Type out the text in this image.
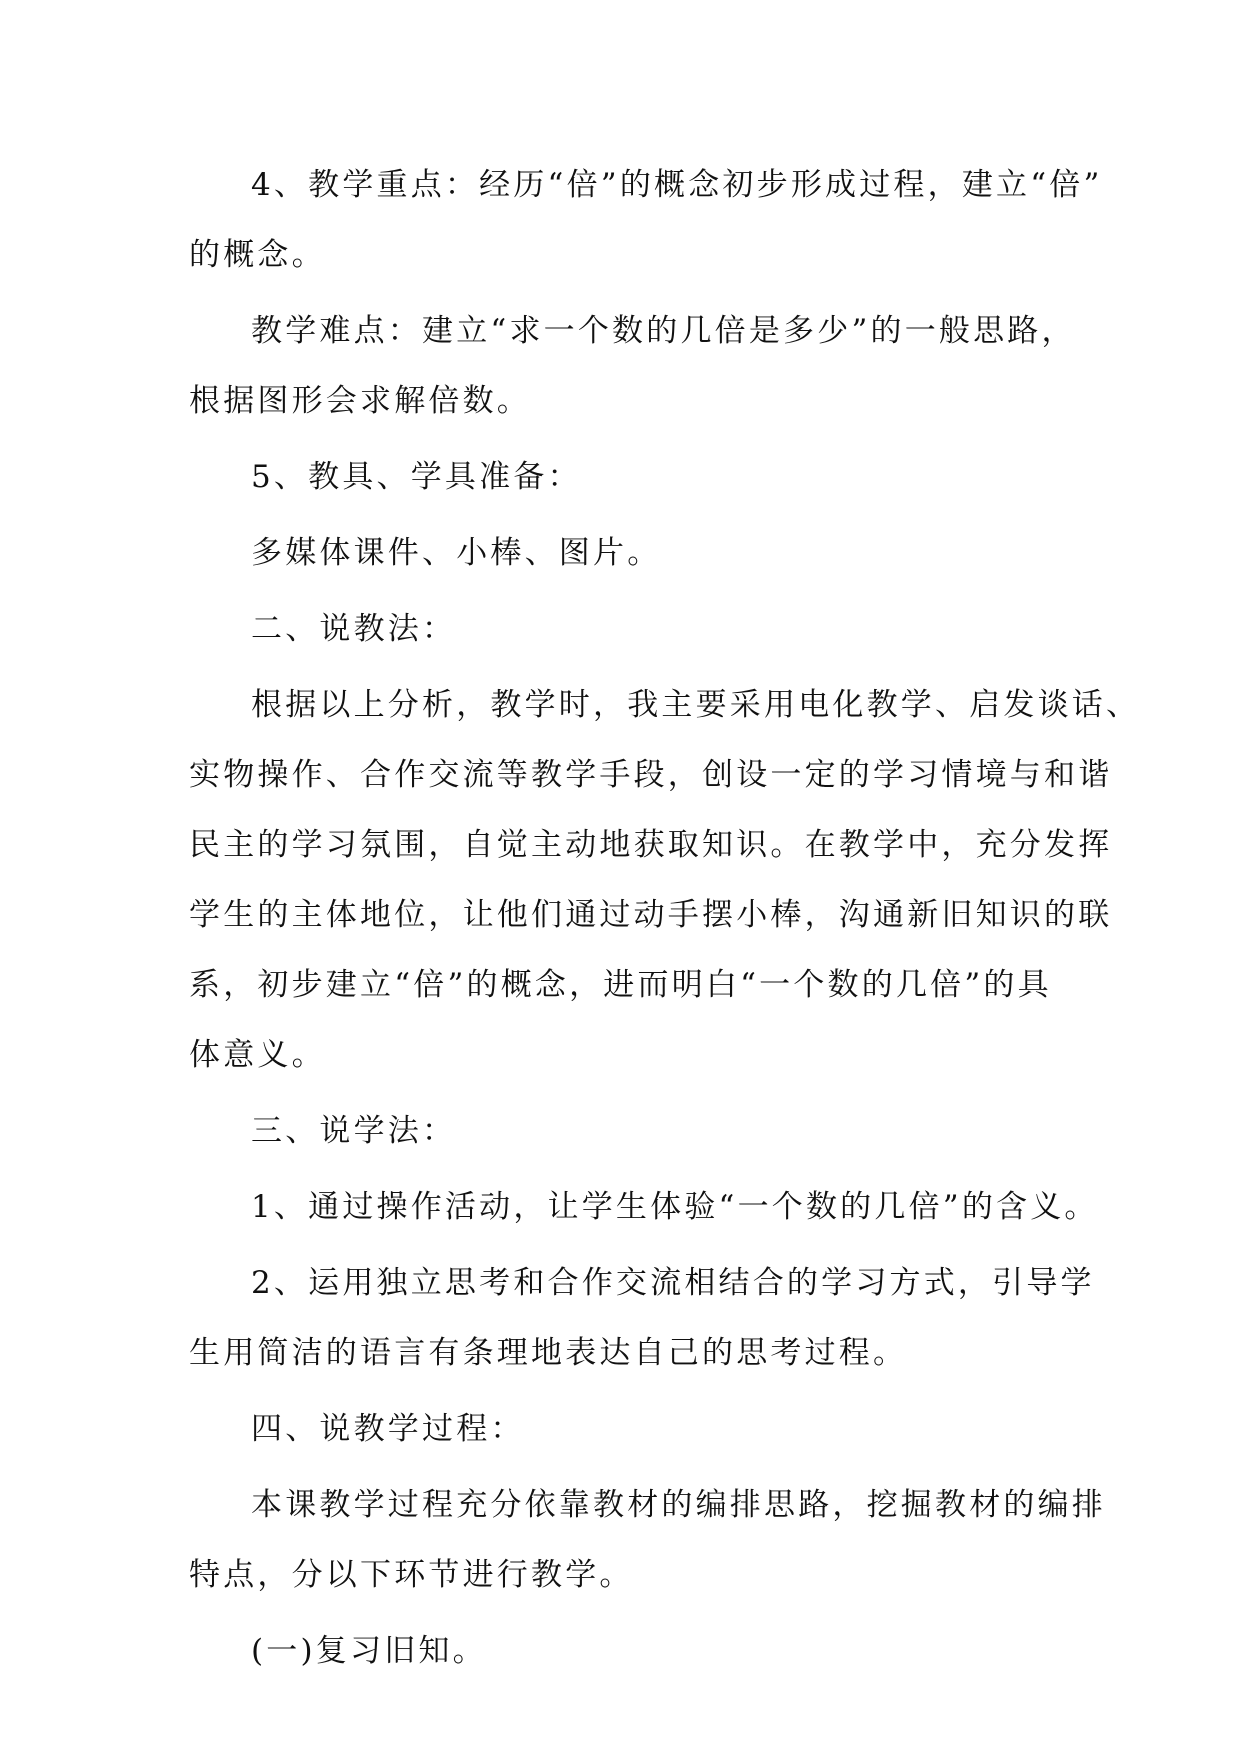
4、教学重点：经历“倍”的概念初步形成过程，建立“倍”
的概念。

教学难点：建立“求一个数的几倍是多少”的一般思路，
根据图形会求解倍数。

5、教具、学具准备：

多媒体课件、小棒、图片。

二、说教法：

根据以上分析，教学时，我主要采用电化教学、启发谈话、
实物操作、合作交流等教学手段，创设一定的学习情境与和谐
民主的学习氛围，自觉主动地获取知识。在教学中，充分发挥
学生的主体地位，让他们通过动手摆小棒，沟通新旧知识的联
系，初步建立“倍”的概念，进而明白“一个数的几倍”的具
体意义。

三、说学法：

1、通过操作活动，让学生体验“一个数的几倍”的含义。

2、运用独立思考和合作交流相结合的学习方式，引导学
生用简洁的语言有条理地表达自己的思考过程。

四、说教学过程：

本课教学过程充分依靠教材的编排思路，挖掘教材的编排
特点，分以下环节进行教学。

(一)复习旧知。
